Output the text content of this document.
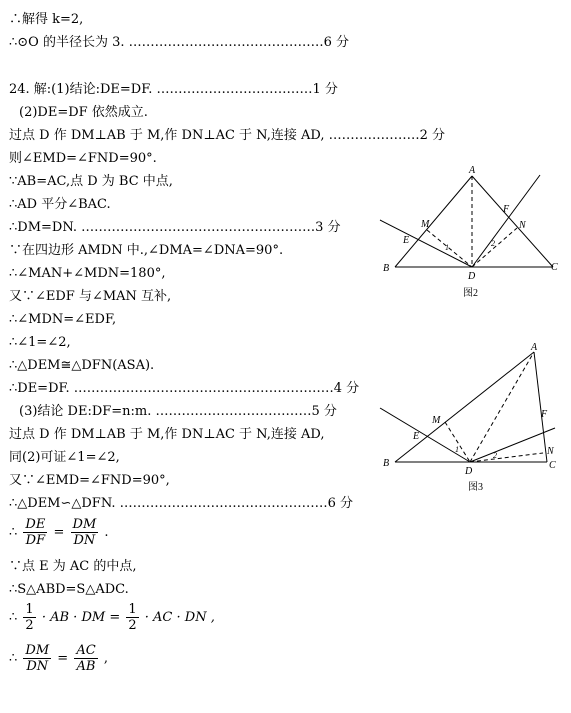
∴解得 k=2,
∴⊙O 的半径长为 3. ………………………………………6 分
24. 解:(1)结论:DE=DF. ………………………………1 分
(2)DE=DF 依然成立.
过点 D 作 DM⊥AB 于 M,作 DN⊥AC 于 N,连接 AD, …………………2 分
则∠EMD=∠FND=90°.
∵AB=AC,点 D 为 BC 中点,
∴AD 平分∠BAC.
∴DM=DN. ………………………………………………3 分
∵在四边形 AMDN 中.,∠DMA=∠DNA=90°.
∴∠MAN+∠MDN=180°,
又∵∠EDF 与∠MAN 互补,
∴∠MDN=∠EDF,
∴∠1=∠2,
∴△DEM≅△DFN(ASA).
∴DE=DF. ……………………………………………………4 分
(3)结论 DE:DF=n:m. ………………………………5 分
过点 D 作 DM⊥AB 于 M,作 DN⊥AC 于 N,连接 AD,
同(2)可证∠1=∠2,
又∵∠EMD=∠FND=90°,
∴△DEM∽△DFN. …………………………………………6 分
∴ $\frac{DE}{DF} = \frac{DM}{DN}$ .
∵点 E 为 AC 的中点,
∴S△ABD=S△ADC.
∴ $\frac{1}{2}$ · AB · DM = $\frac{1}{2}$ · AC · DN ,
∴ $\frac{DM}{DN} = \frac{AC}{AB}$ ,
A
B	C
D
E
F
M	N
1	2
图2
A
B	C
D
E
F
M
N
1
2
图3
